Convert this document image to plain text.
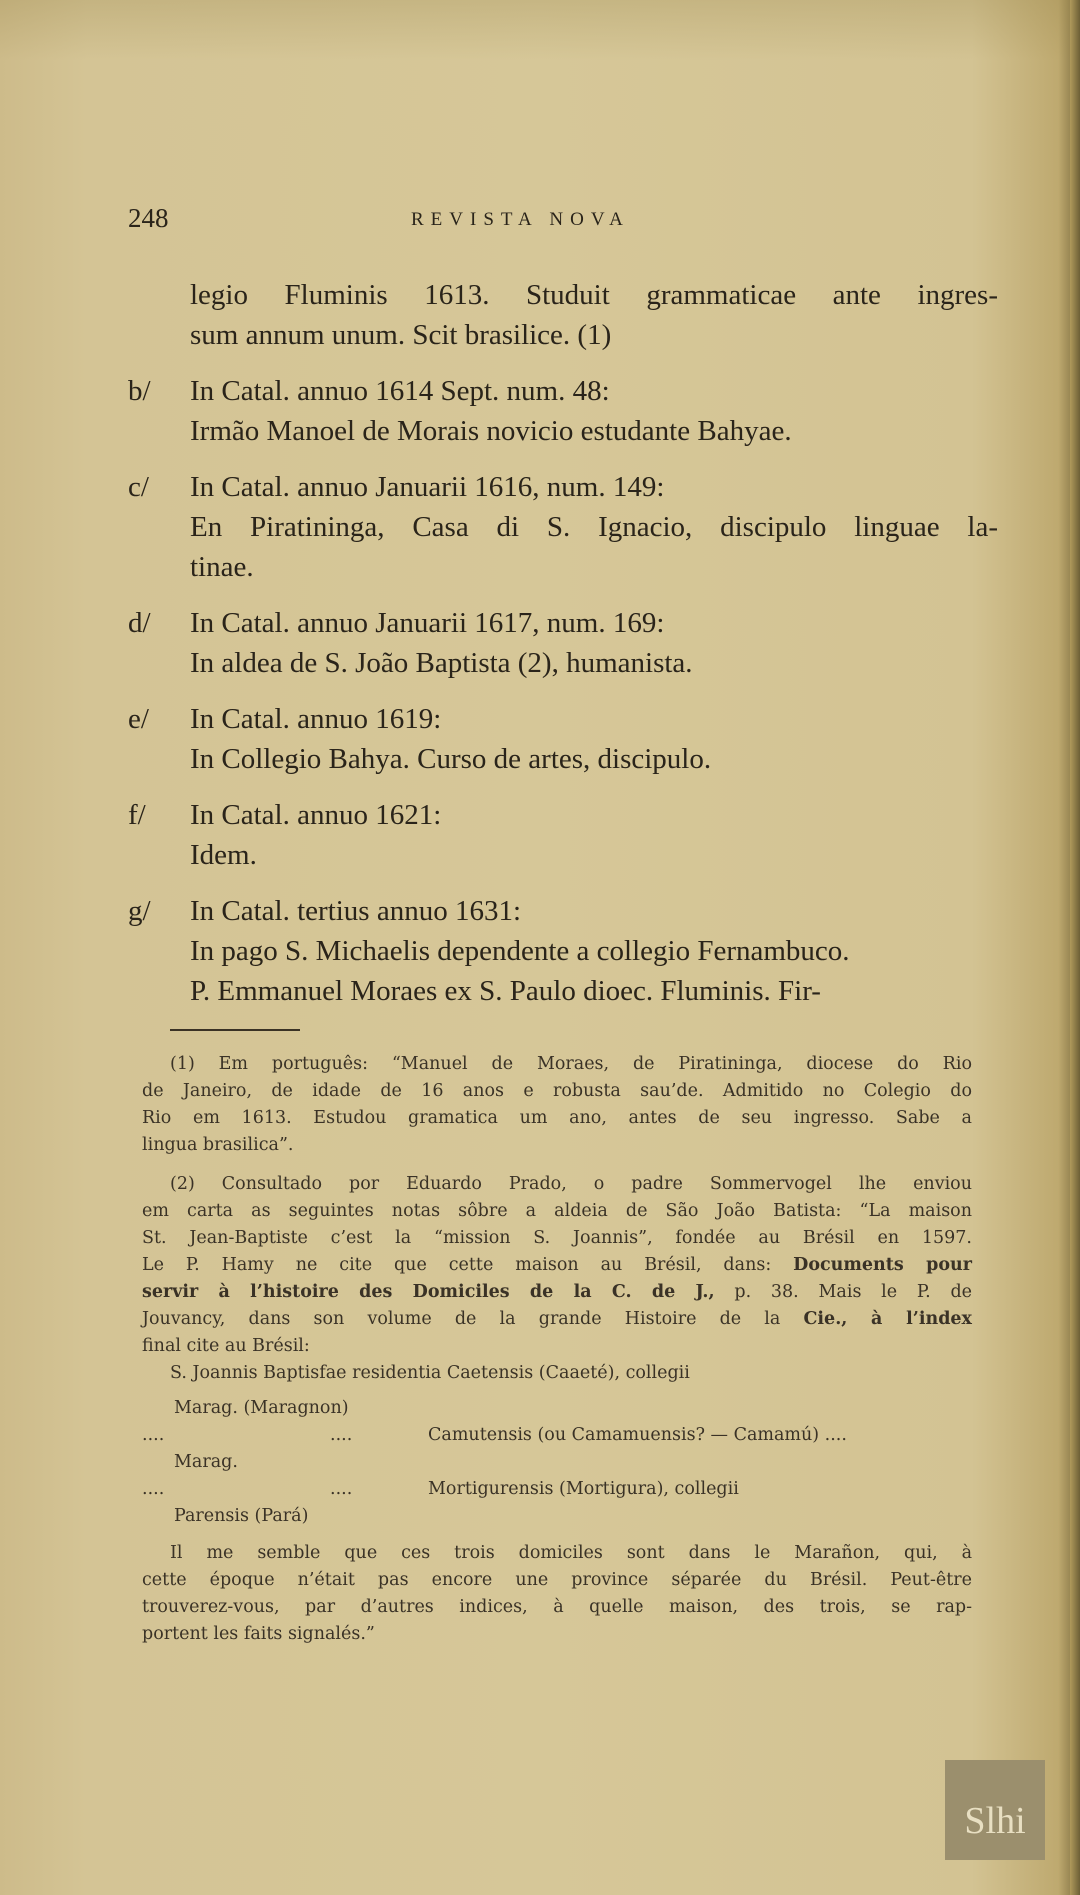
248	REVISTA NOVA
legio Fluminis 1613. Studuit grammaticae ante ingres-
sum annum unum. Scit brasilice. (1)
b/ In Catal. annuo 1614 Sept. num. 48:
Irmão Manoel de Morais novicio estudante Bahyae.
c/ In Catal. annuo Januarii 1616, num. 149:
En Piratininga, Casa di S. Ignacio, discipulo linguae la-
tinae.
d/ In Catal. annuo Januarii 1617, num. 169:
In aldea de S. João Baptista (2), humanista.
e/ In Catal. annuo 1619:
In Collegio Bahya. Curso de artes, discipulo.
f/ In Catal. annuo 1621:
Idem.
g/ In Catal. tertius annuo 1631:
In pago S. Michaelis dependente a collegio Fernambuco.
P. Emmanuel Moraes ex S. Paulo dioec. Fluminis. Fir-
(1) Em português: “Manuel de Moraes, de Piratininga, diocese do Rio
de Janeiro, de idade de 16 anos e robusta sau’de. Admitido no Colegio do
Rio em 1613. Estudou gramatica um ano, antes de seu ingresso. Sabe a
lingua brasilica”.
(2) Consultado por Eduardo Prado, o padre Sommervogel lhe enviou
em carta as seguintes notas sôbre a aldeia de São João Batista: “La maison
St. Jean-Baptiste c’est la “mission S. Joannis”, fondée au Brésil en 1597.
Le P. Hamy ne cite que cette maison au Brésil, dans: Documents pour
servir à l’histoire des Domiciles de la C. de J., p. 38. Mais le P. de
Jouvancy, dans son volume de la grande Histoire de la Cie., à l’index
final cite au Brésil:
S. Joannis Baptisfae residentia Caetensis (Caaeté), collegii
Marag. (Maragnon)
....	....	Camutensis (ou Camamuensis? — Camamú) ....
Marag.
....	....	Mortigurensis (Mortigura), collegii
Parensis (Pará)
Il me semble que ces trois domiciles sont dans le Marañon, qui, à
cette époque n’était pas encore une province séparée du Brésil. Peut-être
trouverez-vous, par d’autres indices, à quelle maison, des trois, se rap-
portent les faits signalés.”
Slhi
